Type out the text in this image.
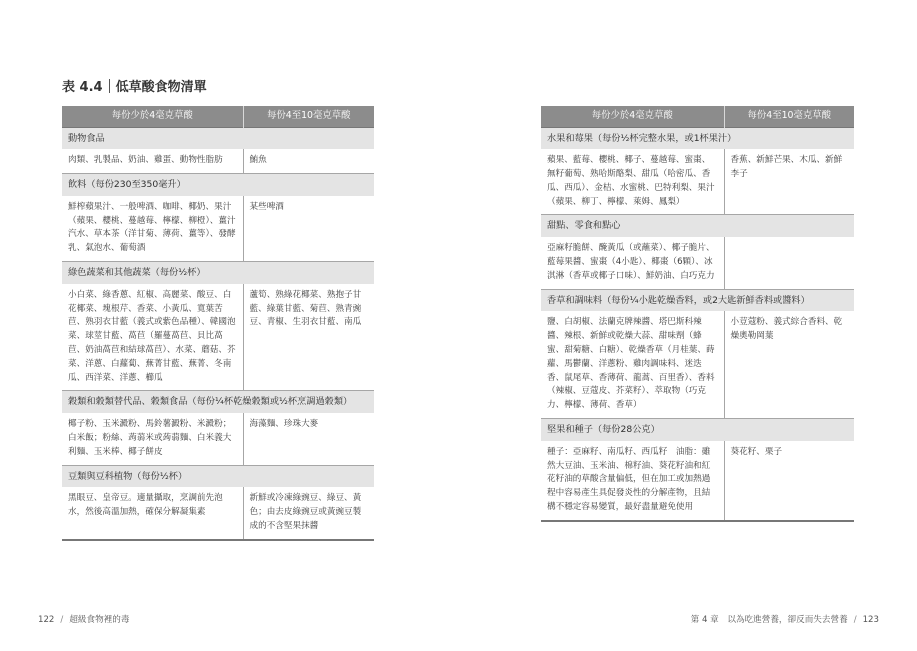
表 4.4 低草酸食物清單
每份少於4毫克草酸	每份4至10毫克草酸
動物食品	
肉類、乳製品、奶油、雞蛋、動物性脂肪	鮪魚
飲料（每份230至350毫升）	
鮮榨蘋果汁、一般啤酒、咖啡、椰奶、果汁（蘋果、櫻桃、蔓越莓、檸檬、柳橙）、薑汁汽水、草本茶（洋甘菊、薄荷、薑等）、發酵乳、氣泡水、葡萄酒	某些啤酒
綠色蔬菜和其他蔬菜（每份½杯）	
小白菜、綠香蔥、紅椒、高麗菜、酸豆、白花椰菜、塊根芹、香菜、小黃瓜、寬葉苦苣、熟羽衣甘藍（義式或紫色品種）、韓國泡菜、球莖甘藍、萵苣（羅蔓萵苣、貝比萵苣、奶油萵苣和結球萵苣）、水菜、蘑菇、芥菜、洋蔥、白蘿蔔、蕪菁甘藍、蕪菁、冬南瓜、西洋菜、洋蔥、櫛瓜	蘆筍、熟綠花椰菜、熟抱子甘藍、綠葉甘藍、菊苣、熟青豌豆、青椒、生羽衣甘藍、南瓜
穀類和穀類替代品、穀類食品（每份¼杯乾燥穀類或½杯烹調過穀類）	
椰子粉、玉米澱粉、馬鈴薯澱粉、米澱粉；白米飯；粉絲、蒟蒻米或蒟蒻麵、白米義大利麵、玉米棒、椰子餅皮	海藻麵、珍珠大麥
豆類與豆科植物（每份½杯）	
黑眼豆、皇帝豆。適量攝取，烹調前先泡水，然後高溫加熱，確保分解凝集素	新鮮或冷凍綠豌豆、綠豆、黃色；由去皮綠豌豆或黃豌豆製成的不含堅果抹醬
每份少於4毫克草酸	每份4至10毫克草酸
水果和莓果（每份½杯完整水果，或1杯果汁）	
蘋果、藍莓、櫻桃、椰子、蔓越莓、蜜棗、無籽葡萄、熟哈斯酪梨、甜瓜（哈密瓜、香瓜、西瓜）、金桔、水蜜桃、巴特利梨、果汁（蘋果、柳丁、檸檬、萊姆、鳳梨）	香蕉、新鮮芒果、木瓜、新鮮李子
甜點、零食和點心	
亞麻籽脆餅、醃黃瓜（或蘸菜）、椰子脆片、藍莓果醬、蜜棗（4小匙）、椰棗（6顆）、冰淇淋（香草或椰子口味）、鮮奶油、白巧克力	
香草和調味料（每份¼小匙乾燥香料，或2大匙新鮮香料或醬料）	
鹽、白胡椒、法蘭克牌辣醬、塔巴斯科辣醬、辣根、新鮮或乾燥大蒜、甜味劑（蜂蜜、甜菊糖、白糖）、乾燥香草（月桂葉、蒔蘿、馬鬱蘭、洋蔥粉、雞肉調味料、迷迭香、鼠尾草、香薄荷、龍蒿、百里香）、香料（辣椒、豆蔻皮、芥菜籽）、萃取物（巧克力、檸檬、薄荷、香草）	小荳蔻粉、義式綜合香料、乾燥奧勒岡葉
堅果和種子（每份28公克）	
種子：亞麻籽、南瓜籽、西瓜籽　油脂：雖然大豆油、玉米油、棉籽油、葵花籽油和紅花籽油的草酸含量偏低，但在加工或加熱過程中容易產生具促發炎性的分解產物，且結構不穩定容易變質，最好盡量避免使用	葵花籽、栗子
122 / 超級食物裡的毒	第 4 章　以為吃進營養，卻反而失去營養 / 123
